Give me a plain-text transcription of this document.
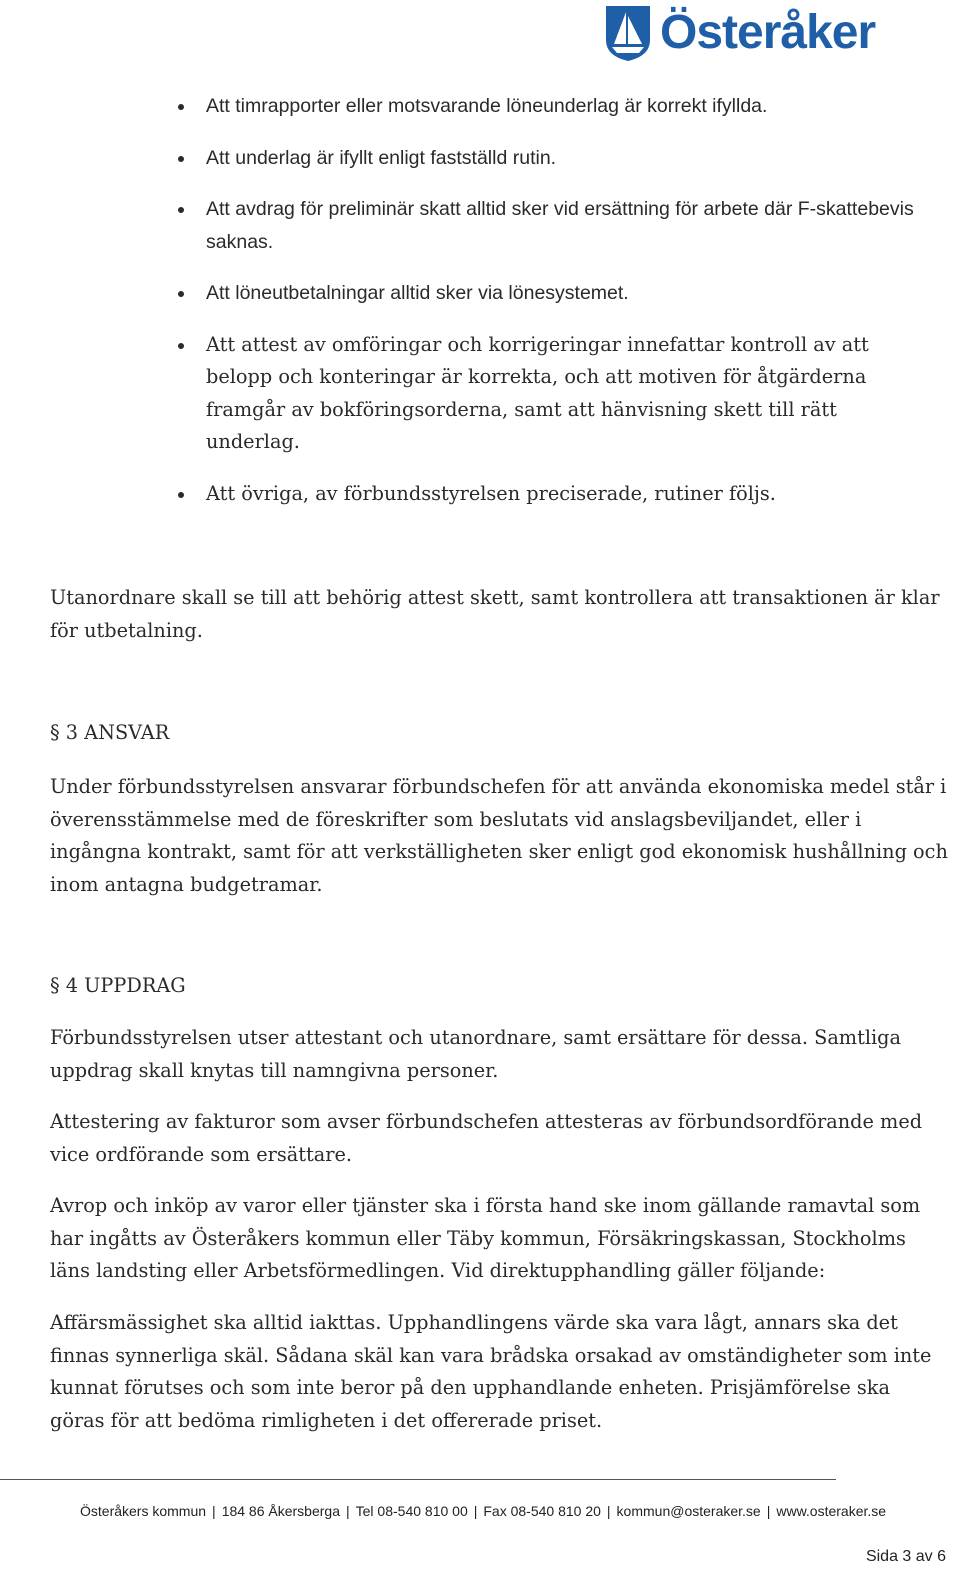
Österåker
Att timrapporter eller motsvarande löneunderlag är korrekt ifyllda.
Att underlag är ifyllt enligt fastställd rutin.
Att avdrag för preliminär skatt alltid sker vid ersättning för arbete där F-skattebevis saknas.
Att löneutbetalningar alltid sker via lönesystemet.
Att attest av omföringar och korrigeringar innefattar kontroll av att belopp och konteringar är korrekta, och att motiven för åtgärderna framgår av bokföringsorderna, samt att hänvisning skett till rätt underlag.
Att övriga, av förbundsstyrelsen preciserade, rutiner följs.

Utanordnare skall se till att behörig attest skett, samt kontrollera att transaktionen är klar för utbetalning.

§ 3 ANSVAR

Under förbundsstyrelsen ansvarar förbundschefen för att använda ekonomiska medel står i överensstämmelse med de föreskrifter som beslutats vid anslagsbeviljandet, eller i ingångna kontrakt, samt för att verkställigheten sker enligt god ekonomisk hushållning och inom antagna budgetramar.

§ 4 UPPDRAG

Förbundsstyrelsen utser attestant och utanordnare, samt ersättare för dessa. Samtliga uppdrag skall knytas till namngivna personer.

Attestering av fakturor som avser förbundschefen attesteras av förbundsordförande med vice ordförande som ersättare.

Avrop och inköp av varor eller tjänster ska i första hand ske inom gällande ramavtal som har ingåtts av Österåkers kommun eller Täby kommun, Försäkringskassan, Stockholms läns landsting eller Arbetsförmedlingen. Vid direktupphandling gäller följande:

Affärsmässighet ska alltid iakttas. Upphandlingens värde ska vara lågt, annars ska det finnas synnerliga skäl. Sådana skäl kan vara brådska orsakad av omständigheter som inte kunnat förutses och som inte beror på den upphandlande enheten. Prisjämförelse ska göras för att bedöma rimligheten i det offererade priset.

Österåkers kommun | 184 86 Åkersberga | Tel 08-540 810 00 | Fax 08-540 810 20 | kommun@osteraker.se | www.osteraker.se
Sida 3 av 6
